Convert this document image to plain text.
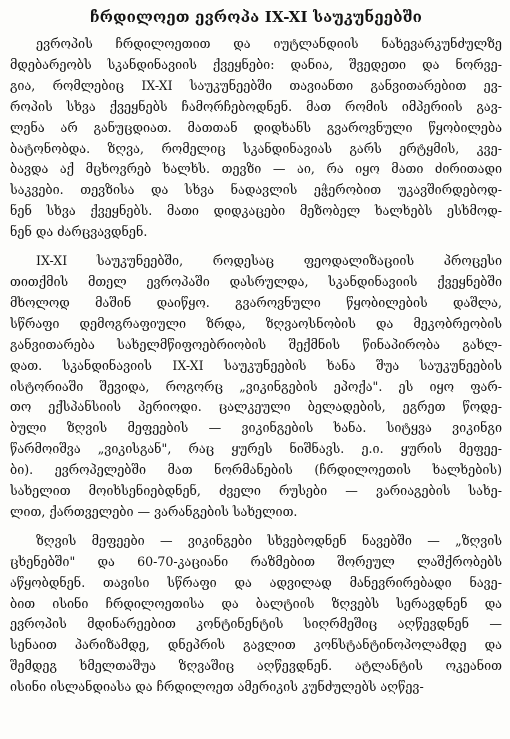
ჩრდილოეთ ევროპა IX-XI საუკუნეებში
ევროპის ჩრდილოეთით და იუტლანდიის ნახევარკუნძულზე
მდებარეობს სკანდინავიის ქვეყნები: დანია, შვედეთი და ნორვე-
გია, რომლებიც IX-XI საუკუნეებში თავიანთი განვითარებით ევ-
როპის სხვა ქვეყნებს ჩამორჩებოდნენ. მათ რომის იმპერიის გავ-
ლენა არ განუცდიათ. მათთან დიდხანს გვაროვნული წყობილება
ბატონობდა. ზღვა, რომელიც სკანდინავიას გარს ერტყმის, კვე-
ბავდა აქ მცხოვრებ ხალხს. თევზი — აი, რა იყო მათი ძირითადი
საკვები. თევზისა და სხვა ნადავლის ეჭერობით უკავშირდებოდ-
ნენ სხვა ქვეყნებს. მათი დიდკაცები მეზობელ ხალხებს ესხმოდ-
ნენ და ძარცვავდნენ.
IX-XI საუკუნეებში, როდესაც ფეოდალიზაციის პროცესი
თითქმის მთელ ევროპაში დასრულდა, სკანდინავიის ქვეყნებში
მხოლოდ მაშინ დაიწყო. გვაროვნული წყობილების დაშლა,
სწრაფი დემოგრაფიული ზრდა, ზღვაოსნობის და მეკობრეობის
განვითარება სახელმწიფოებრიობის შექმნის წინაპირობა გახლ-
დათ. სკანდინავიის IX-XI საუკუნეების ხანა შუა საუკუნეების
ისტორიაში შევიდა, როგორც „ვიკინგების ეპოქა". ეს იყო ფარ-
თო ექსპანსიის პერიოდი. ცალკეული ბელადების, ეგრეთ წოდე-
ბული ზღვის მეფეების — ვიკინგების ხანა. სიტყვა ვიკინგი
წარმოიშვა „ვიკისგან", რაც ყურეს ნიშნავს. ე.ი. ყურის მეფეე-
ბი). ევროპელებში მათ ნორმანების (ჩრდილოეთის ხალხების)
სახელით მოიხსენიებდნენ, ძველი რუსები — ვარიაგების სახე-
ლით, ქართველები — ვარანგების სახელით.
ზღვის მეფეები — ვიკინგები სხვებოდნენ ნავებში — „ზღვის
ცხენებში" და 60-70-კაციანი რაზმებით შორეულ ლაშქრობებს
აწყობდნენ. თავისი სწრაფი და ადვილად მანევრირებადი ნავე-
ბით ისინი ჩრდილოეთისა და ბალტიის ზღვებს სერავდნენ და
ევროპის მდინარეებით კონტინენტის სიღრმეშიც აღწევდნენ —
სენაით პარიზამდე, დნეპრის გავლით კონსტანტინოპოლამდე და
შემდეგ ხმელთაშუა ზღვაშიც აღწევდნენ. ატლანტის ოკეანით
ისინი ისლანდიასა და ჩრდილოეთ ამერიკის კუნძულებს აღწევ-
